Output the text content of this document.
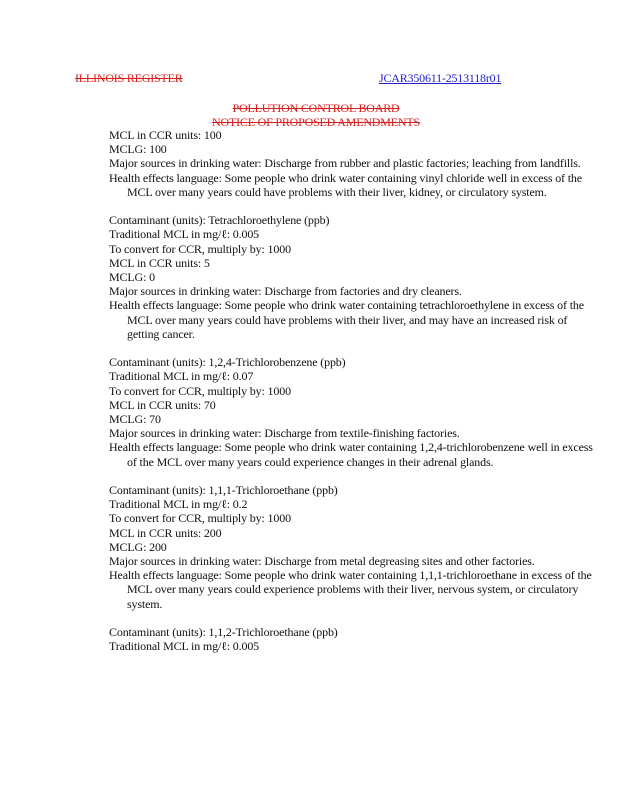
ILLINOIS REGISTER	JCAR350611-2513118r01
POLLUTION CONTROL BOARD
NOTICE OF PROPOSED AMENDMENTS
MCL in CCR units: 100
MCLG: 100
Major sources in drinking water: Discharge from rubber and plastic factories; leaching from landfills.
Health effects language: Some people who drink water containing vinyl chloride well in excess of the MCL over many years could have problems with their liver, kidney, or circulatory system.
Contaminant (units): Tetrachloroethylene (ppb)
Traditional MCL in mg/ℓ: 0.005
To convert for CCR, multiply by: 1000
MCL in CCR units: 5
MCLG: 0
Major sources in drinking water: Discharge from factories and dry cleaners.
Health effects language: Some people who drink water containing tetrachloroethylene in excess of the MCL over many years could have problems with their liver, and may have an increased risk of getting cancer.
Contaminant (units): 1,2,4-Trichlorobenzene (ppb)
Traditional MCL in mg/ℓ: 0.07
To convert for CCR, multiply by: 1000
MCL in CCR units: 70
MCLG: 70
Major sources in drinking water: Discharge from textile-finishing factories.
Health effects language: Some people who drink water containing 1,2,4-trichlorobenzene well in excess of the MCL over many years could experience changes in their adrenal glands.
Contaminant (units): 1,1,1-Trichloroethane (ppb)
Traditional MCL in mg/ℓ: 0.2
To convert for CCR, multiply by: 1000
MCL in CCR units: 200
MCLG: 200
Major sources in drinking water: Discharge from metal degreasing sites and other factories.
Health effects language: Some people who drink water containing 1,1,1-trichloroethane in excess of the MCL over many years could experience problems with their liver, nervous system, or circulatory system.
Contaminant (units): 1,1,2-Trichloroethane (ppb)
Traditional MCL in mg/ℓ: 0.005
